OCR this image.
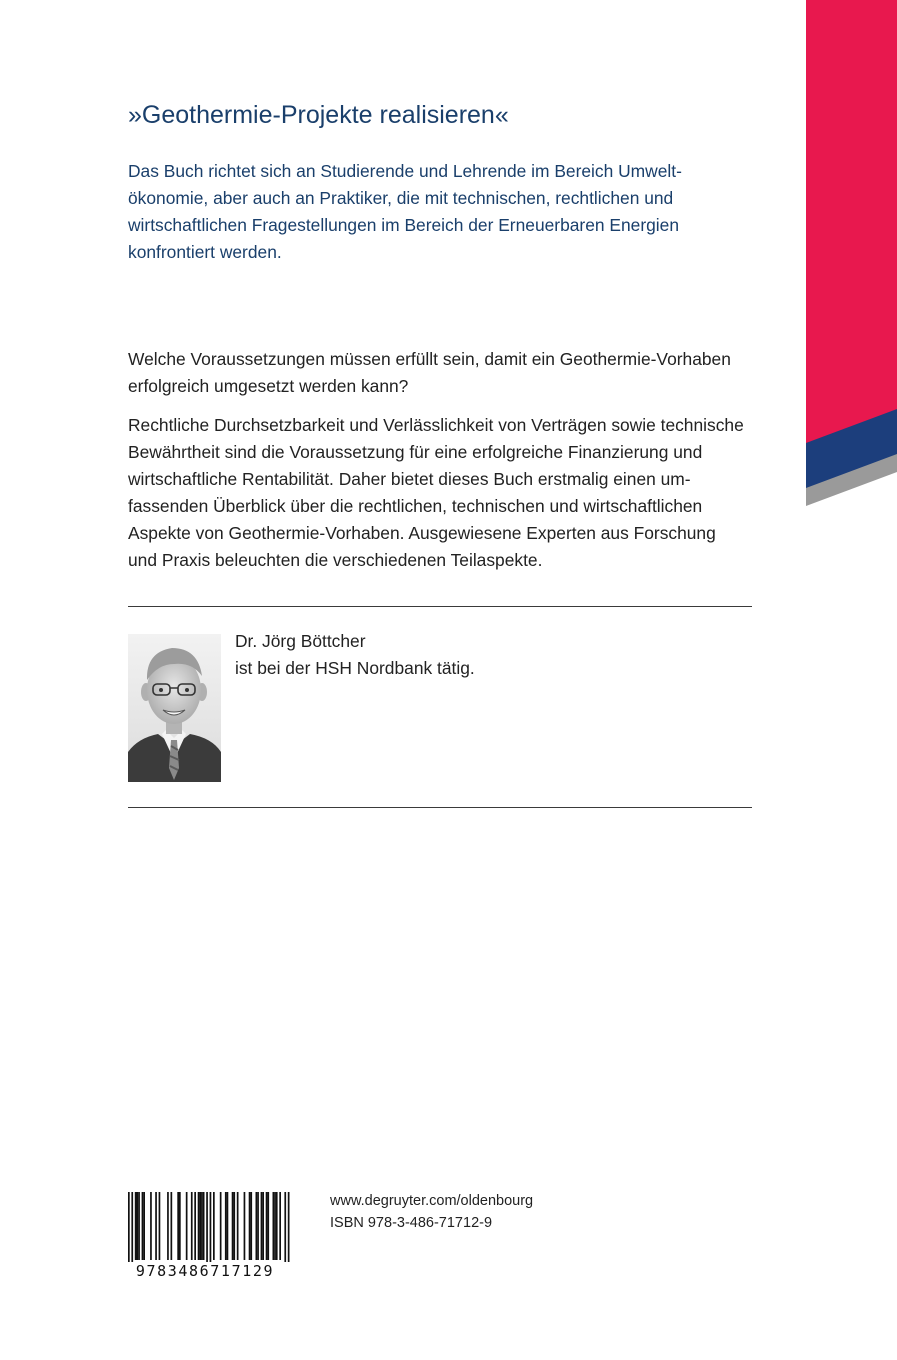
»Geothermie-Projekte realisieren«
Das Buch richtet sich an Studierende und Lehrende im Bereich Umwelt-
ökonomie, aber auch an Praktiker, die mit technischen, rechtlichen und
wirtschaftlichen Fragestellungen im Bereich der Erneuerbaren Energien
konfrontiert werden.
Welche Voraussetzungen müssen erfüllt sein, damit ein Geothermie-Vorhaben
erfolgreich umgesetzt werden kann?
Rechtliche Durchsetzbarkeit und Verlässlichkeit von Verträgen sowie technische
Bewährtheit sind die Voraussetzung für eine erfolgreiche Finanzierung und
wirtschaftliche Rentabilität. Daher bietet dieses Buch erstmalig einen um-
fassenden Überblick über die rechtlichen, technischen und wirtschaftlichen
Aspekte von Geothermie-Vorhaben. Ausgewiesene Experten aus Forschung
und Praxis beleuchten die verschiedenen Teilaspekte.
Dr. Jörg Böttcher
ist bei der HSH Nordbank tätig.
9783486717129
www.degruyter.com/oldenbourg
ISBN 978-3-486-71712-9
